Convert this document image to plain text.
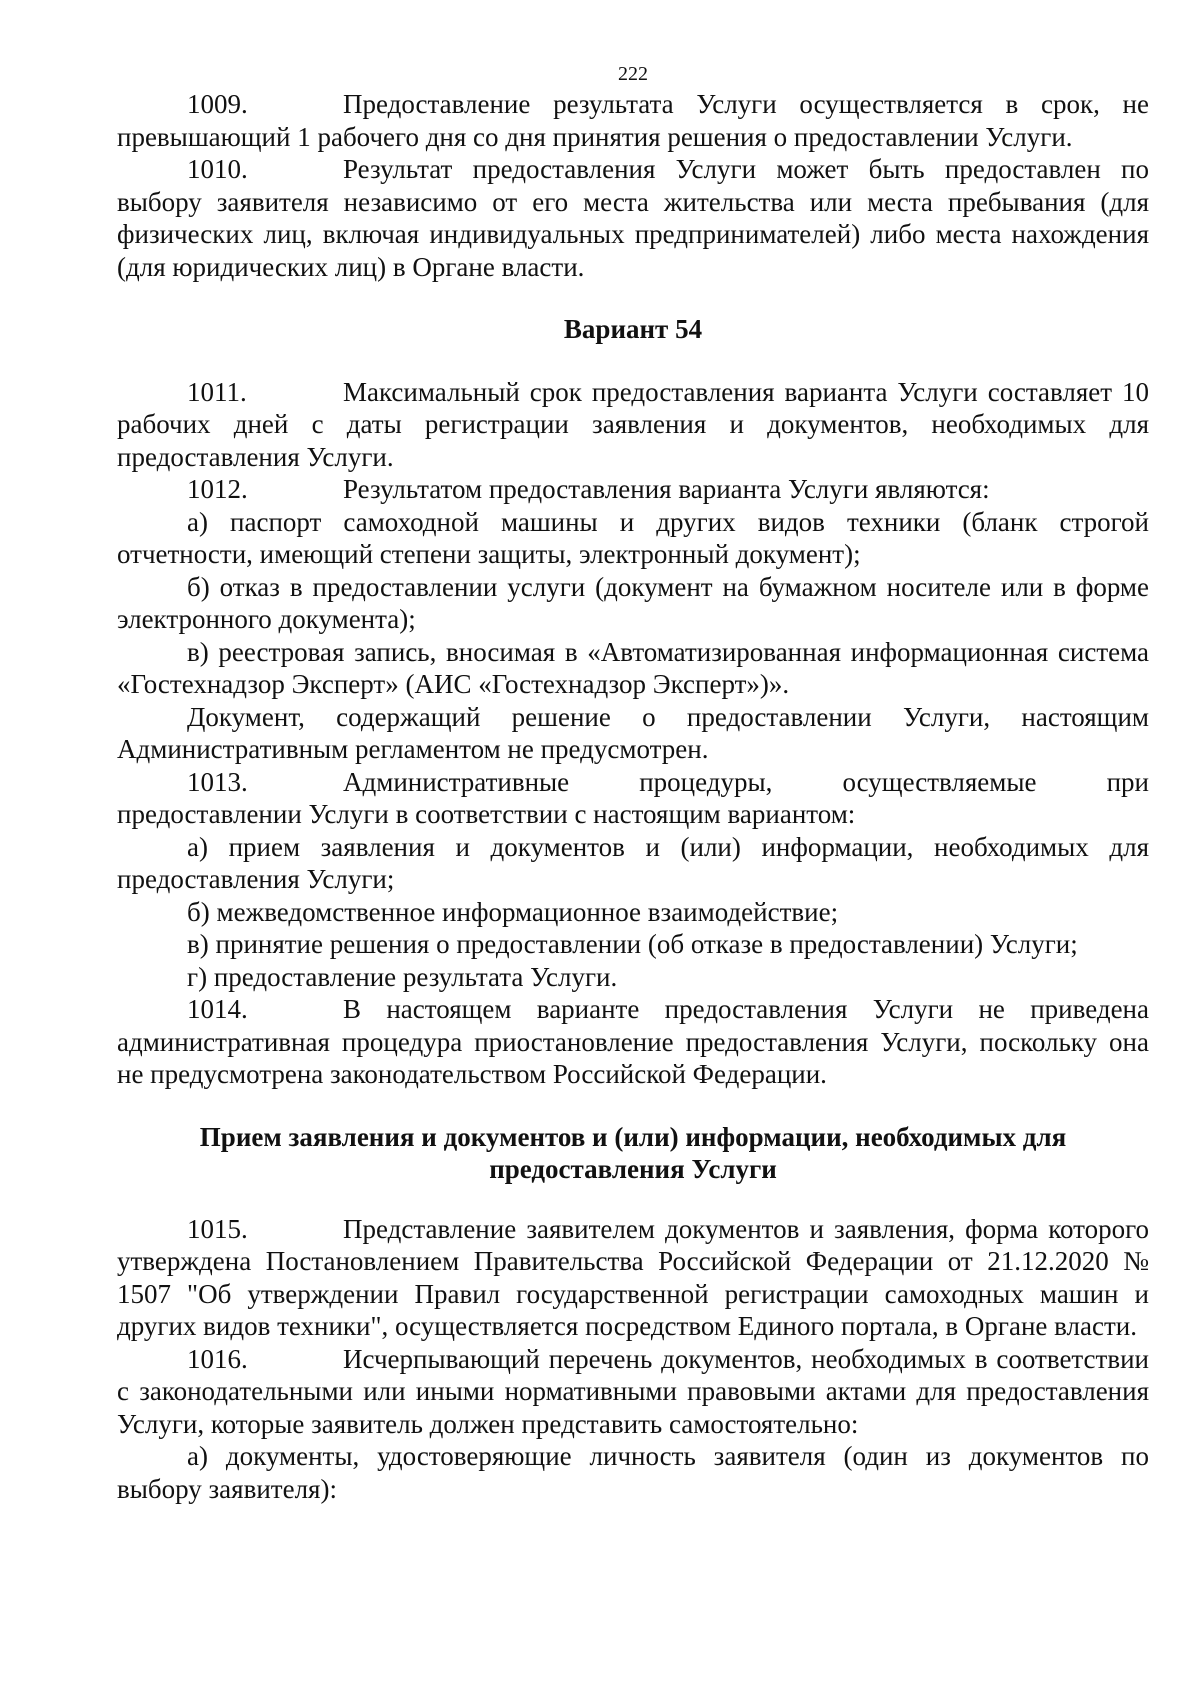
222

1009.	Предоставление результата Услуги осуществляется в срок, не превышающий 1 рабочего дня со дня принятия решения о предоставлении Услуги.

1010.	Результат предоставления Услуги может быть предоставлен по выбору заявителя независимо от его места жительства или места пребывания (для физических лиц, включая индивидуальных предпринимателей) либо места нахождения (для юридических лиц) в Органе власти.

Вариант 54

1011.	Максимальный срок предоставления варианта Услуги составляет 10 рабочих дней с даты регистрации заявления и документов, необходимых для предоставления Услуги.

1012.	Результатом предоставления варианта Услуги являются:

а) паспорт самоходной машины и других видов техники (бланк строгой отчетности, имеющий степени защиты, электронный документ);

б) отказ в предоставлении услуги (документ на бумажном носителе или в форме электронного документа);

в) реестровая запись, вносимая в «Автоматизированная информационная система «Гостехнадзор Эксперт» (АИС «Гостехнадзор Эксперт»)».

Документ, содержащий решение о предоставлении Услуги, настоящим Административным регламентом не предусмотрен.

1013.	Административные процедуры, осуществляемые при предоставлении Услуги в соответствии с настоящим вариантом:

а) прием заявления и документов и (или) информации, необходимых для предоставления Услуги;

б) межведомственное информационное взаимодействие;

в) принятие решения о предоставлении (об отказе в предоставлении) Услуги;

г) предоставление результата Услуги.

1014.	В настоящем варианте предоставления Услуги не приведена административная процедура приостановление предоставления Услуги, поскольку она не предусмотрена законодательством Российской Федерации.

Прием заявления и документов и (или) информации, необходимых для предоставления Услуги

1015.	Представление заявителем документов и заявления, форма которого утверждена Постановлением Правительства Российской Федерации от 21.12.2020 № 1507 "Об утверждении Правил государственной регистрации самоходных машин и других видов техники", осуществляется посредством Единого портала, в Органе власти.

1016.	Исчерпывающий перечень документов, необходимых в соответствии с законодательными или иными нормативными правовыми актами для предоставления Услуги, которые заявитель должен представить самостоятельно:

а) документы, удостоверяющие личность заявителя (один из документов по выбору заявителя):
